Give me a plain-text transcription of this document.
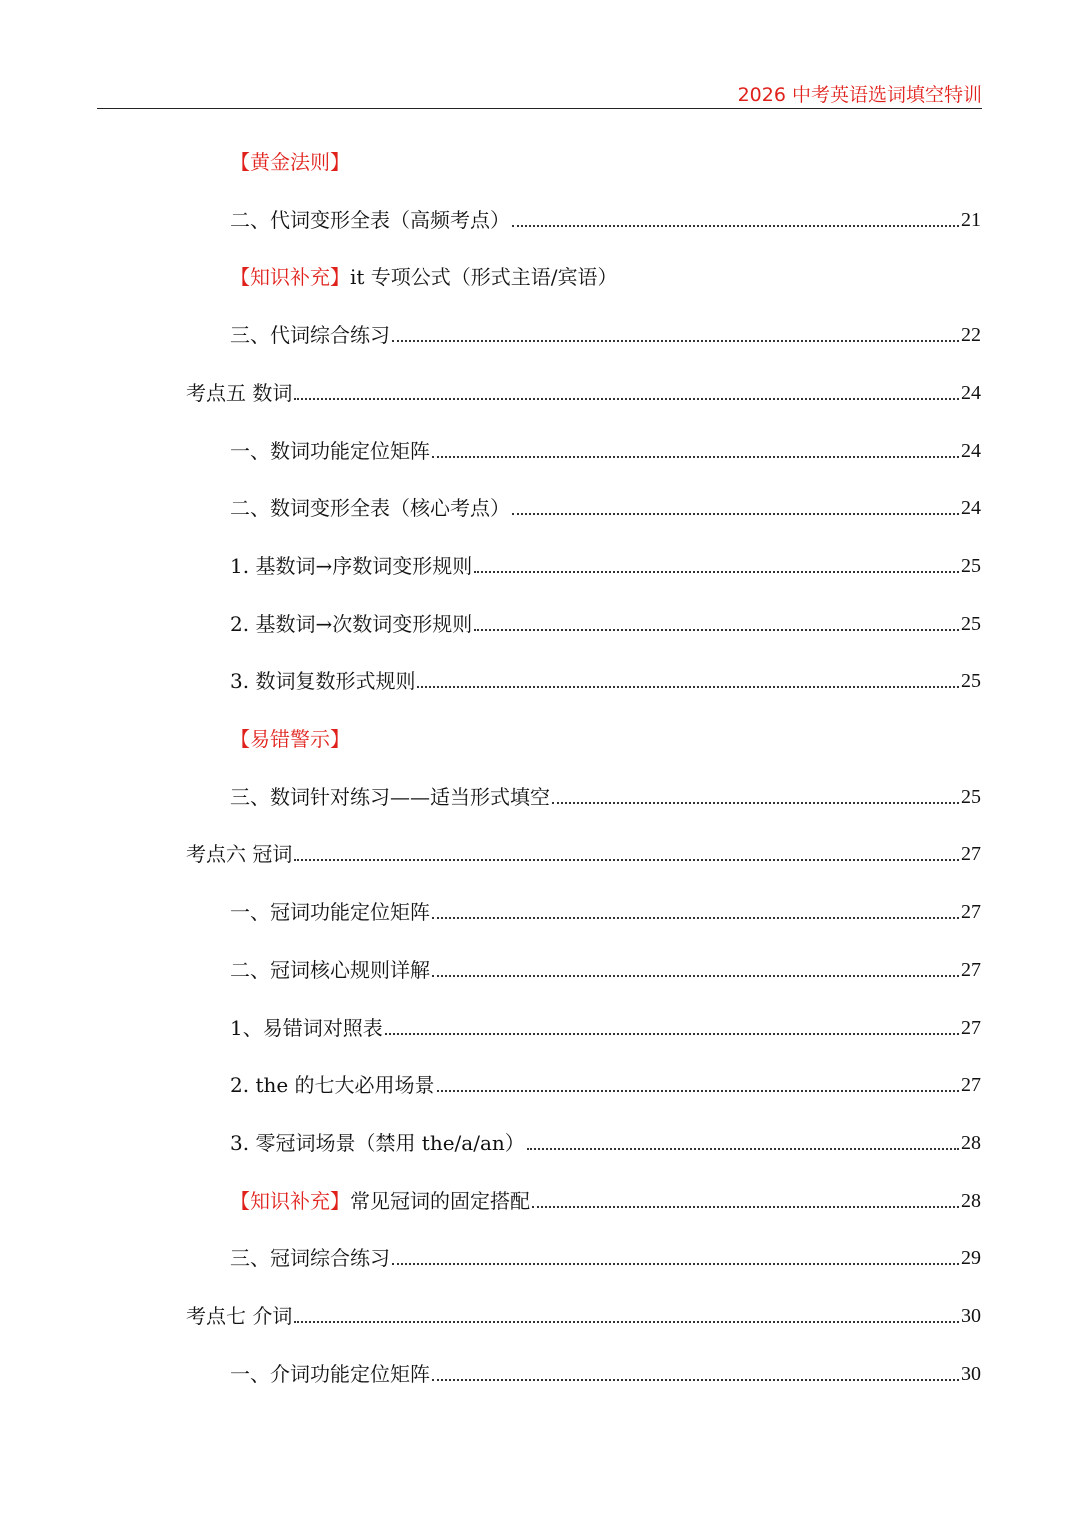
2026 中考英语选词填空特训
【黄金法则】
二、代词变形全表（高频考点）	21
【知识补充】it 专项公式（形式主语/宾语）
三、代词综合练习	22
考点五 数词	24
一、数词功能定位矩阵	24
二、数词变形全表（核心考点）	24
1. 基数词→序数词变形规则	25
2. 基数词→次数词变形规则	25
3. 数词复数形式规则	25
【易错警示】
三、数词针对练习——适当形式填空	25
考点六 冠词	27
一、冠词功能定位矩阵	27
二、冠词核心规则详解	27
1、易错词对照表	27
2. the 的七大必用场景	27
3. 零冠词场景（禁用 the/a/an）	28
【知识补充】常见冠词的固定搭配	28
三、冠词综合练习	29
考点七 介词	30
一、介词功能定位矩阵	30
